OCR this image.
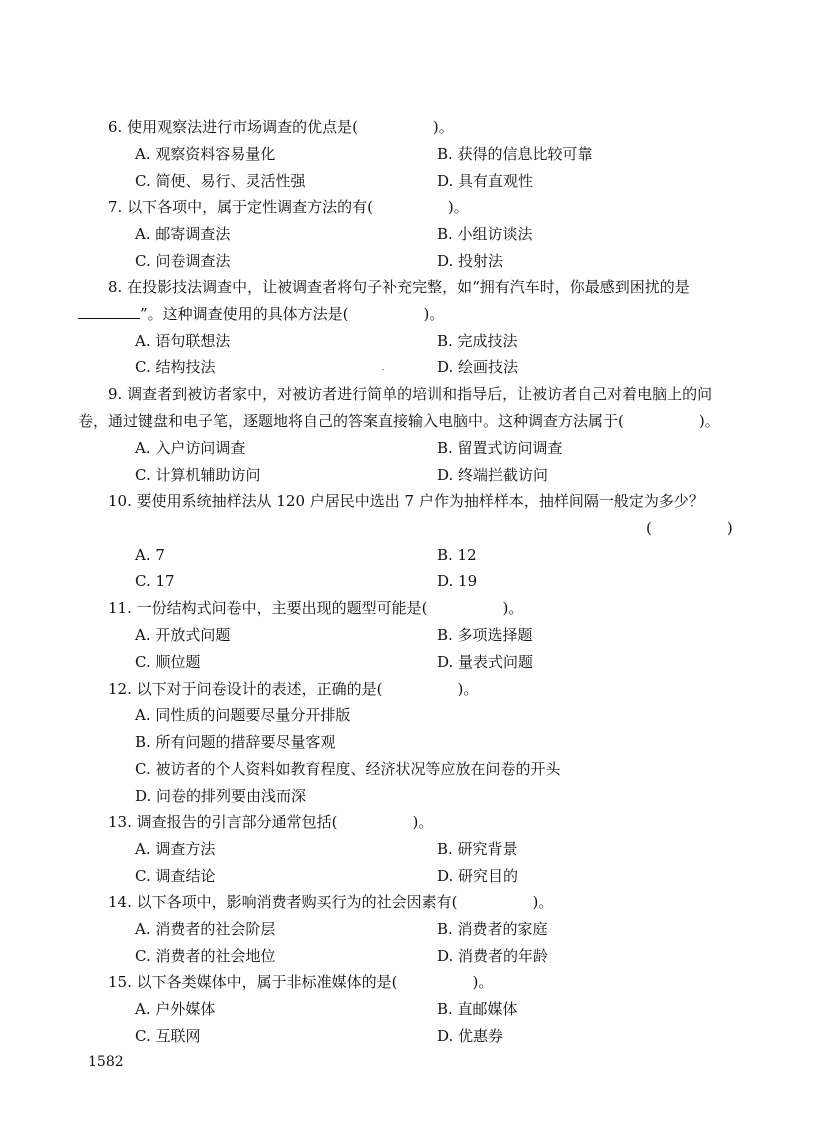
6. 使用观察法进行市场调查的优点是(　　　　　)。
A. 观察资料容易量化	B. 获得的信息比较可靠
C. 简便、易行、灵活性强	D. 具有直观性
7. 以下各项中，属于定性调查方法的有(　　　　　)。
A. 邮寄调查法	B. 小组访谈法
C. 问卷调查法	D. 投射法
8. 在投影技法调查中，让被调查者将句子补充完整，如“拥有汽车时，你最感到困扰的是
”。这种调查使用的具体方法是(　　　　　)。
A. 语句联想法	B. 完成技法
C. 结构技法	D. 绘画技法
9. 调查者到被访者家中，对被访者进行简单的培训和指导后，让被访者自己对着电脑上的问
卷，通过键盘和电子笔，逐题地将自己的答案直接输入电脑中。这种调查方法属于(　　　　　)。
A. 入户访问调查	B. 留置式访问调查
C. 计算机辅助访问	D. 终端拦截访问
10. 要使用系统抽样法从 120 户居民中选出 7 户作为抽样样本，抽样间隔一般定为多少？
(　　　　　)
A. 7	B. 12
C. 17	D. 19
11. 一份结构式问卷中，主要出现的题型可能是(　　　　　)。
A. 开放式问题	B. 多项选择题
C. 顺位题	D. 量表式问题
12. 以下对于问卷设计的表述，正确的是(　　　　　)。
A. 同性质的问题要尽量分开排版
B. 所有问题的措辞要尽量客观
C. 被访者的个人资料如教育程度、经济状况等应放在问卷的开头
D. 问卷的排列要由浅而深
13. 调查报告的引言部分通常包括(　　　　　)。
A. 调查方法	B. 研究背景
C. 调查结论	D. 研究目的
14. 以下各项中，影响消费者购买行为的社会因素有(　　　　　)。
A. 消费者的社会阶层	B. 消费者的家庭
C. 消费者的社会地位	D. 消费者的年龄
15. 以下各类媒体中，属于非标准媒体的是(　　　　　)。
A. 户外媒体	B. 直邮媒体
C. 互联网	D. 优惠券
1582
